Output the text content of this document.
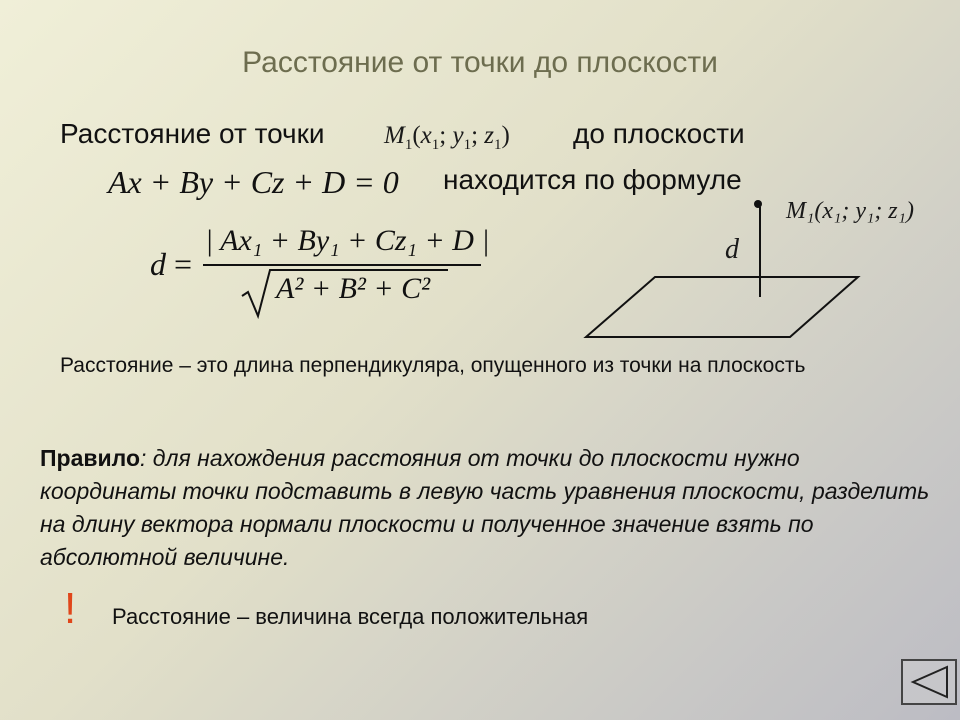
Расстояние от точки до плоскости
Расстояние от точки $M_1(x_1$; $y_1$; $z_1$) до плоскости
Ax + By + Cz + D = 0 находится по формуле
d =
| Ax₁ + By₁ + Cz₁ + D |
A² + B² + C²
M₁(x₁; y₁; z₁)
d
Расстояние – это длина перпендикуляра, опущенного из точки на плоскость
Правило: для нахождения расстояния от точки до плоскости нужно координаты точки подставить в левую часть уравнения плоскости, разделить на длину вектора нормали плоскости и полученное значение взять по абсолютной величине.
! Расстояние – величина всегда положительная
